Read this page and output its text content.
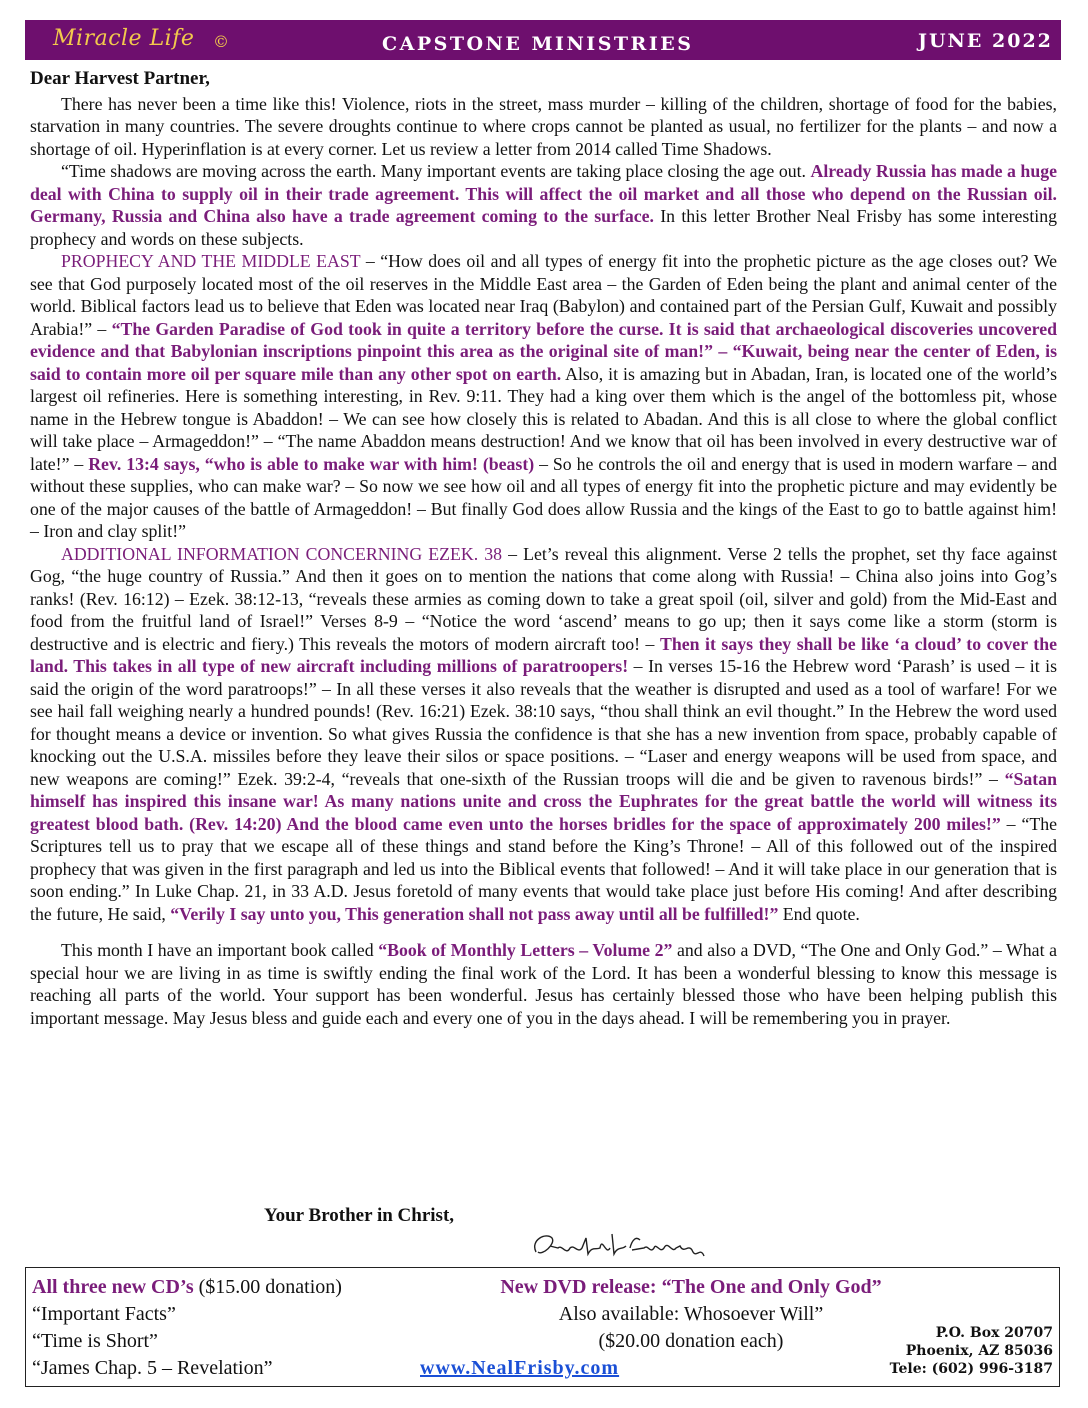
Miracle Life ©	CAPSTONE MINISTRIES	JUNE 2022
Dear Harvest Partner,

There has never been a time like this! Violence, riots in the street, mass murder – killing of the children, shortage of food for the babies, starvation in many countries. The severe droughts continue to where crops cannot be planted as usual, no fertilizer for the plants – and now a shortage of oil. Hyperinflation is at every corner. Let us review a letter from 2014 called Time Shadows.

“Time shadows are moving across the earth. Many important events are taking place closing the age out. Already Russia has made a huge deal with China to supply oil in their trade agreement. This will affect the oil market and all those who depend on the Russian oil. Germany, Russia and China also have a trade agreement coming to the surface. In this letter Brother Neal Frisby has some interesting prophecy and words on these subjects.

PROPHECY AND THE MIDDLE EAST – “How does oil and all types of energy fit into the prophetic picture as the age closes out? We see that God purposely located most of the oil reserves in the Middle East area – the Garden of Eden being the plant and animal center of the world. Biblical factors lead us to believe that Eden was located near Iraq (Babylon) and contained part of the Persian Gulf, Kuwait and possibly Arabia!” – “The Garden Paradise of God took in quite a territory before the curse. It is said that archaeological discoveries uncovered evidence and that Babylonian inscriptions pinpoint this area as the original site of man!” – “Kuwait, being near the center of Eden, is said to contain more oil per square mile than any other spot on earth. Also, it is amazing but in Abadan, Iran, is located one of the world’s largest oil refineries. Here is something interesting, in Rev. 9:11. They had a king over them which is the angel of the bottomless pit, whose name in the Hebrew tongue is Abaddon! – We can see how closely this is related to Abadan. And this is all close to where the global conflict will take place – Armageddon!” – “The name Abaddon means destruction! And we know that oil has been involved in every destructive war of late!” – Rev. 13:4 says, “who is able to make war with him! (beast) – So he controls the oil and energy that is used in modern warfare – and without these supplies, who can make war? – So now we see how oil and all types of energy fit into the prophetic picture and may evidently be one of the major causes of the battle of Armageddon! – But finally God does allow Russia and the kings of the East to go to battle against him! – Iron and clay split!”

ADDITIONAL INFORMATION CONCERNING EZEK. 38 – Let’s reveal this alignment. Verse 2 tells the prophet, set thy face against Gog, “the huge country of Russia.” And then it goes on to mention the nations that come along with Russia! – China also joins into Gog’s ranks! (Rev. 16:12) – Ezek. 38:12-13, “reveals these armies as coming down to take a great spoil (oil, silver and gold) from the Mid-East and food from the fruitful land of Israel!” Verses 8-9 – “Notice the word ‘ascend’ means to go up; then it says come like a storm (storm is destructive and is electric and fiery.) This reveals the motors of modern aircraft too! – Then it says they shall be like ‘a cloud’ to cover the land. This takes in all type of new aircraft including millions of paratroopers! – In verses 15-16 the Hebrew word ‘Parash’ is used – it is said the origin of the word paratroops!” – In all these verses it also reveals that the weather is disrupted and used as a tool of warfare! For we see hail fall weighing nearly a hundred pounds! (Rev. 16:21) Ezek. 38:10 says, “thou shall think an evil thought.” In the Hebrew the word used for thought means a device or invention. So what gives Russia the confidence is that she has a new invention from space, probably capable of knocking out the U.S.A. missiles before they leave their silos or space positions. – “Laser and energy weapons will be used from space, and new weapons are coming!” Ezek. 39:2-4, “reveals that one-sixth of the Russian troops will die and be given to ravenous birds!” – “Satan himself has inspired this insane war! As many nations unite and cross the Euphrates for the great battle the world will witness its greatest blood bath. (Rev. 14:20) And the blood came even unto the horses bridles for the space of approximately 200 miles!” – “The Scriptures tell us to pray that we escape all of these things and stand before the King’s Throne! – All of this followed out of the inspired prophecy that was given in the first paragraph and led us into the Biblical events that followed! – And it will take place in our generation that is soon ending.” In Luke Chap. 21, in 33 A.D. Jesus foretold of many events that would take place just before His coming! And after describing the future, He said, “Verily I say unto you, This generation shall not pass away until all be fulfilled!” End quote.

This month I have an important book called “Book of Monthly Letters – Volume 2” and also a DVD, “The One and Only God.” – What a special hour we are living in as time is swiftly ending the final work of the Lord. It has been a wonderful blessing to know this message is reaching all parts of the world. Your support has been wonderful. Jesus has certainly blessed those who have been helping publish this important message. May Jesus bless and guide each and every one of you in the days ahead. I will be remembering you in prayer.

Your Brother in Christ,
All three new CD’s ($15.00 donation)
“Important Facts”
“Time is Short”
“James Chap. 5 – Revelation”
New DVD release: “The One and Only God”
Also available: Whosoever Will”
($20.00 donation each)
www.NealFrisby.com
P.O. Box 20707
Phoenix, AZ 85036
Tele: (602) 996-3187
